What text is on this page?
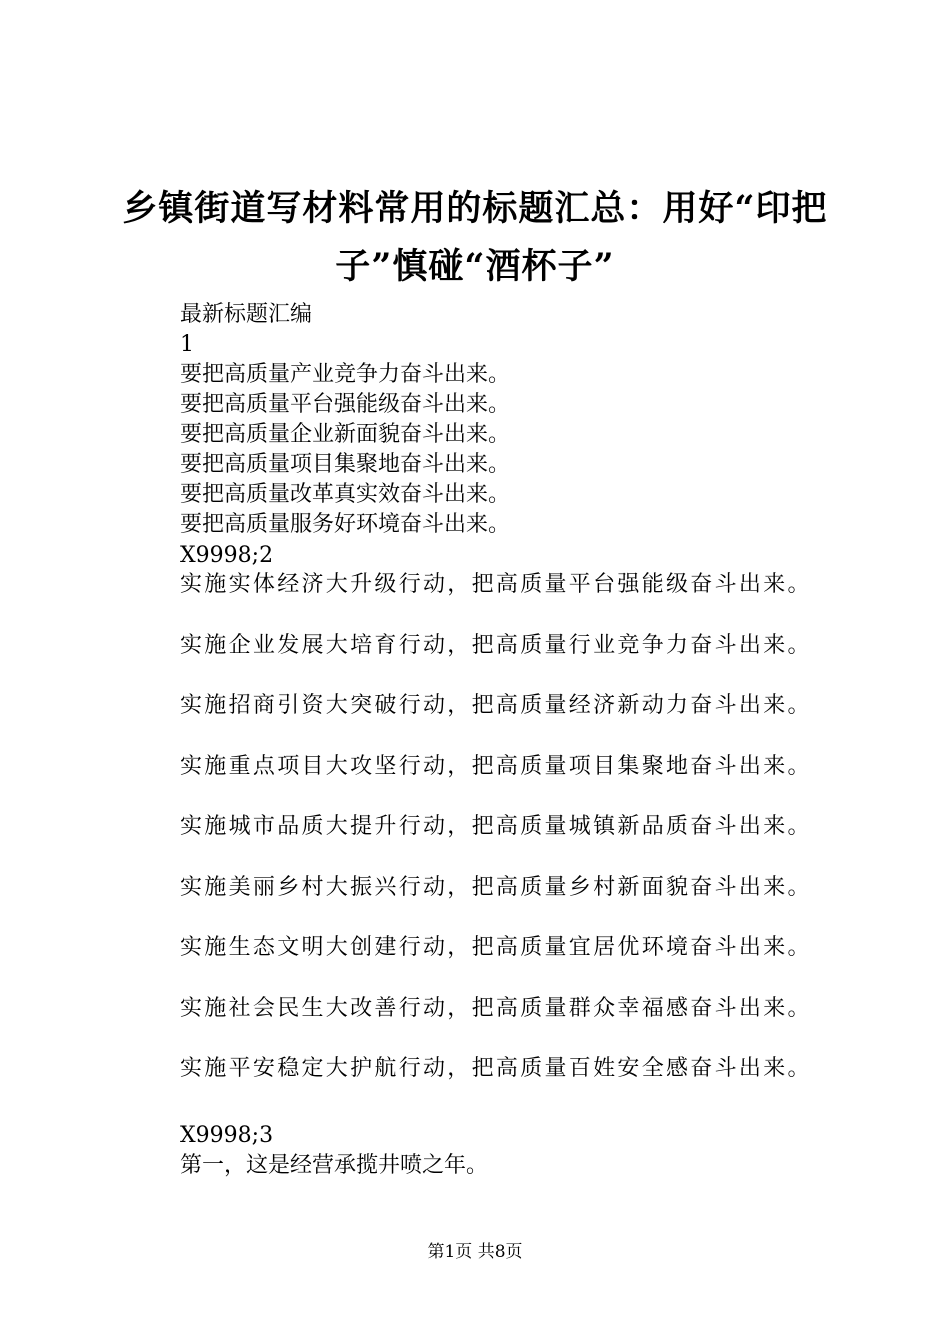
乡镇街道写材料常用的标题汇总：用好“印把
子”慎碰“酒杯子”
最新标题汇编
1
要把高质量产业竞争力奋斗出来。
要把高质量平台强能级奋斗出来。
要把高质量企业新面貌奋斗出来。
要把高质量项目集聚地奋斗出来。
要把高质量改革真实效奋斗出来。
要把高质量服务好环境奋斗出来。
X9998;2
实施实体经济大升级行动，把高质量平台强能级奋斗出来。
实施企业发展大培育行动，把高质量行业竞争力奋斗出来。
实施招商引资大突破行动，把高质量经济新动力奋斗出来。
实施重点项目大攻坚行动，把高质量项目集聚地奋斗出来。
实施城市品质大提升行动，把高质量城镇新品质奋斗出来。
实施美丽乡村大振兴行动，把高质量乡村新面貌奋斗出来。
实施生态文明大创建行动，把高质量宜居优环境奋斗出来。
实施社会民生大改善行动，把高质量群众幸福感奋斗出来。
实施平安稳定大护航行动，把高质量百姓安全感奋斗出来。
X9998;3
第一，这是经营承揽井喷之年。
第1页 共8页
